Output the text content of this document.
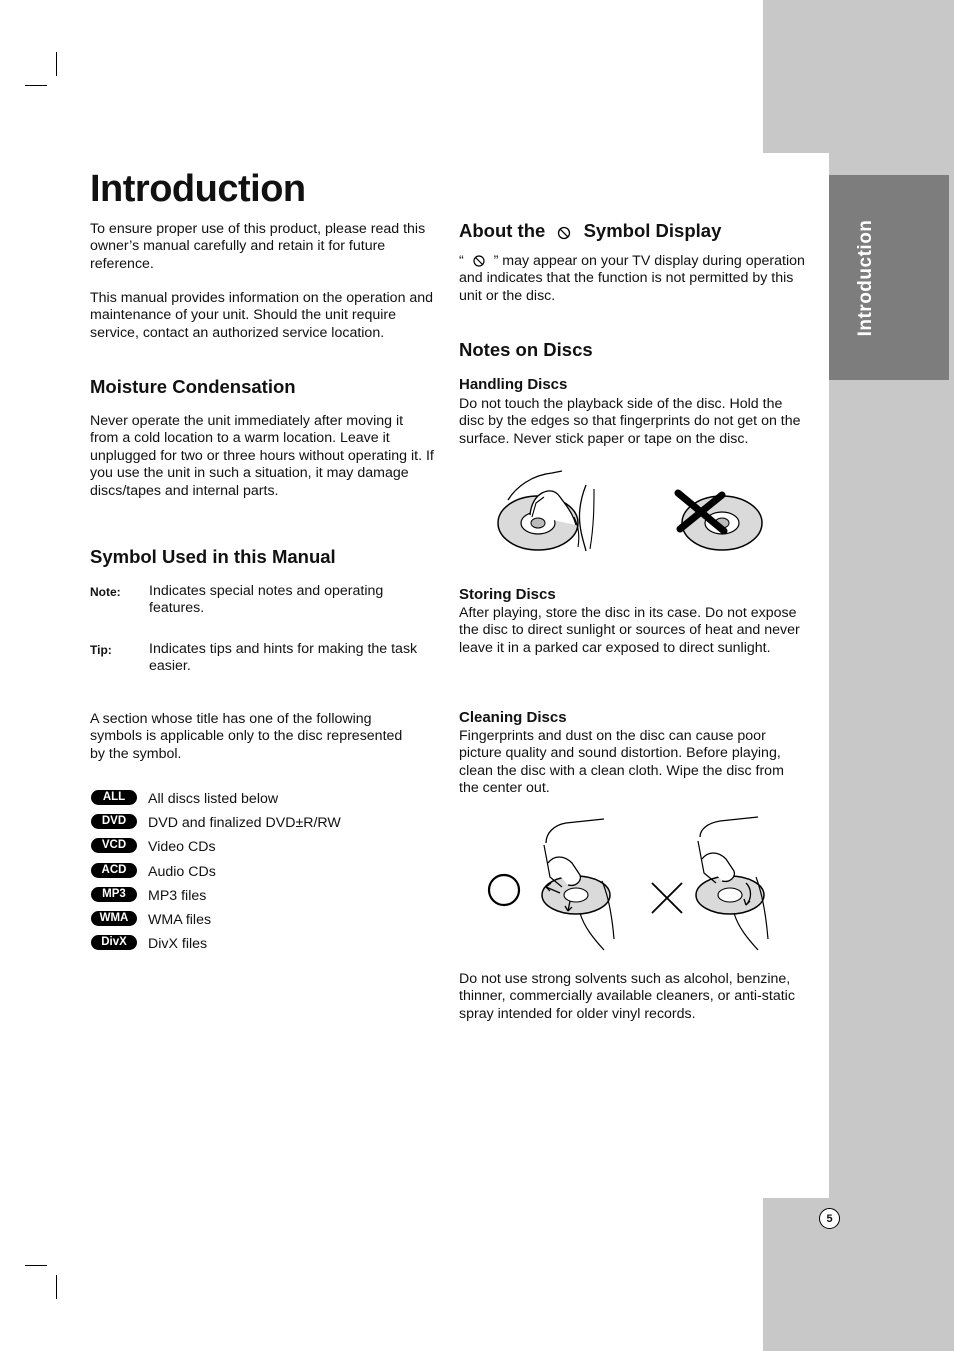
Introduction
5
Introduction

To ensure proper use of this product, please read this owner’s manual carefully and retain it for future reference.

This manual provides information on the operation and maintenance of your unit. Should the unit require service, contact an authorized service location.

Moisture Condensation

Never operate the unit immediately after moving it from a cold location to a warm location. Leave it unplugged for two or three hours without operating it. If you use the unit in such a situation, it may damage discs/tapes and internal parts.

Symbol Used in this Manual
Note: Indicates special notes and operating features.
Tip:	Indicates tips and hints for making the task easier.

A section whose title has one of the following symbols is applicable only to the disc represented by the symbol.

ALL	All discs listed below
DVD	DVD and finalized DVD±R/RW
VCD	Video CDs
ACD	Audio CDs
MP3	MP3 files
WMA	WMA files
DivX	DivX files
About the Symbol Display

“ ” may appear on your TV display during operation and indicates that the function is not permitted by this unit or the disc.

Notes on Discs
Handling Discs

Do not touch the playback side of the disc. Hold the disc by the edges so that fingerprints do not get on the surface. Never stick paper or tape on the disc.

Storing Discs

After playing, store the disc in its case. Do not expose the disc to direct sunlight or sources of heat and never leave it in a parked car exposed to direct sunlight.

Cleaning Discs

Fingerprints and dust on the disc can cause poor picture quality and sound distortion. Before playing, clean the disc with a clean cloth. Wipe the disc from the center out.

Do not use strong solvents such as alcohol, benzine, thinner, commercially available cleaners, or anti-static spray intended for older vinyl records.
